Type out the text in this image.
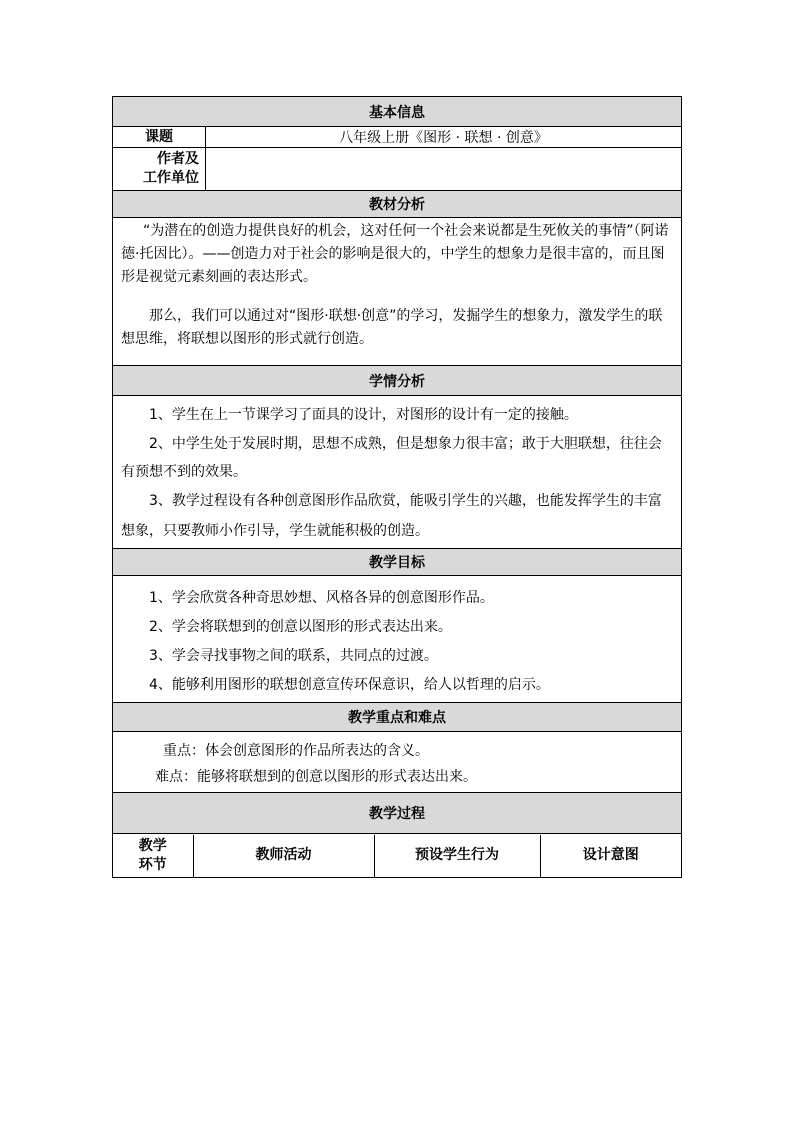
基本信息
课题	八年级上册《图形 · 联想 · 创意》

作者及
工作单位

教材分析

“为潜在的创造力提供良好的机会，这对任何一个社会来说都是生死攸关的事情”（阿诺德·托因比）。——创造力对于社会的影响是很大的，中学生的想象力是很丰富的，而且图形是视觉元素刻画的表达形式。

那么，我们可以通过对“图形·联想·创意”的学习，发掘学生的想象力，激发学生的联想思维，将联想以图形的形式就行创造。

学情分析

1、学生在上一节课学习了面具的设计，对图形的设计有一定的接触。

2、中学生处于发展时期，思想不成熟，但是想象力很丰富；敢于大胆联想，往往会有预想不到的效果。

3、教学过程设有各种创意图形作品欣赏，能吸引学生的兴趣，也能发挥学生的丰富想象，只要教师小作引导，学生就能积极的创造。

教学目标

1、学会欣赏各种奇思妙想、风格各异的创意图形作品。

2、学会将联想到的创意以图形的形式表达出来。

3、学会寻找事物之间的联系，共同点的过渡。

4、能够利用图形的联想创意宣传环保意识，给人以哲理的启示。

教学重点和难点

重点：体会创意图形的作品所表达的含义。

难点：能够将联想到的创意以图形的形式表达出来。

教学过程

教学
环节
	教师活动	预设学生行为	设计意图
